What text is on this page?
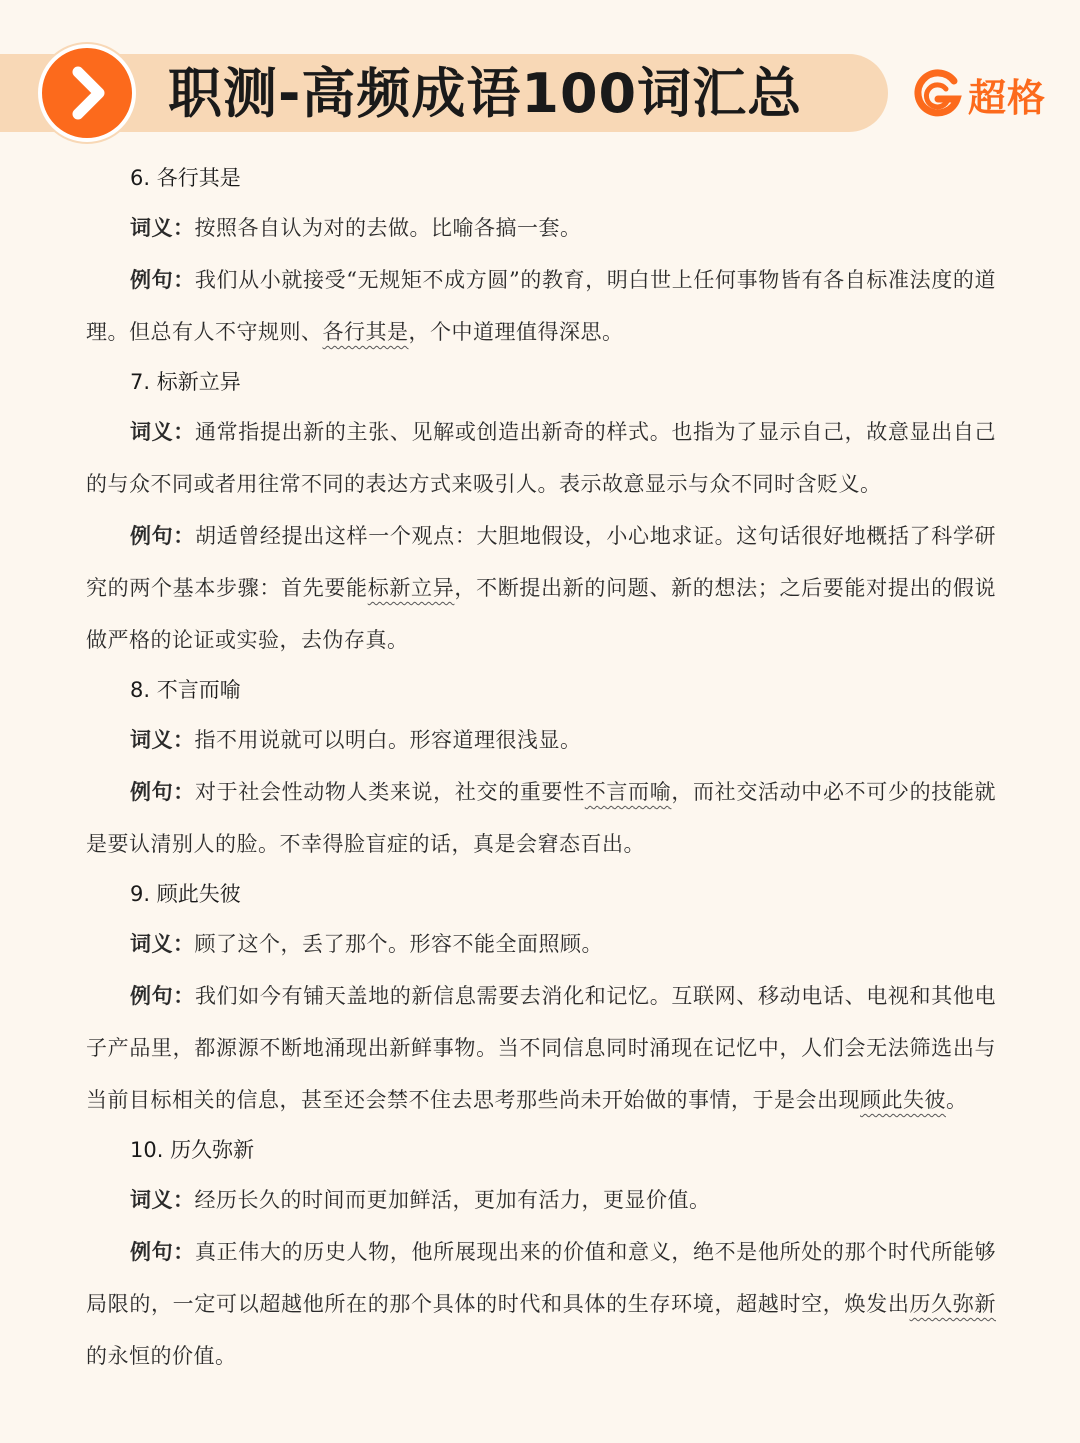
职测-高频成语100词汇总	超格
6. 各行其是

词义：按照各自认为对的去做。比喻各搞一套。

例句：我们从小就接受“无规矩不成方圆”的教育，明白世上任何事物皆有各自标准法度的道理。但总有人不守规则、各行其是，个中道理值得深思。

7. 标新立异

词义：通常指提出新的主张、见解或创造出新奇的样式。也指为了显示自己，故意显出自己的与众不同或者用往常不同的表达方式来吸引人。表示故意显示与众不同时含贬义。

例句：胡适曾经提出这样一个观点：大胆地假设，小心地求证。这句话很好地概括了科学研究的两个基本步骤：首先要能标新立异，不断提出新的问题、新的想法；之后要能对提出的假说做严格的论证或实验，去伪存真。

8. 不言而喻

词义：指不用说就可以明白。形容道理很浅显。

例句：对于社会性动物人类来说，社交的重要性不言而喻，而社交活动中必不可少的技能就是要认清别人的脸。不幸得脸盲症的话，真是会窘态百出。

9. 顾此失彼

词义：顾了这个，丢了那个。形容不能全面照顾。

例句：我们如今有铺天盖地的新信息需要去消化和记忆。互联网、移动电话、电视和其他电子产品里，都源源不断地涌现出新鲜事物。当不同信息同时涌现在记忆中，人们会无法筛选出与当前目标相关的信息，甚至还会禁不住去思考那些尚未开始做的事情，于是会出现顾此失彼。

10. 历久弥新

词义：经历长久的时间而更加鲜活，更加有活力，更显价值。

例句：真正伟大的历史人物，他所展现出来的价值和意义，绝不是他所处的那个时代所能够局限的，一定可以超越他所在的那个具体的时代和具体的生存环境，超越时空，焕发出历久弥新的永恒的价值。
